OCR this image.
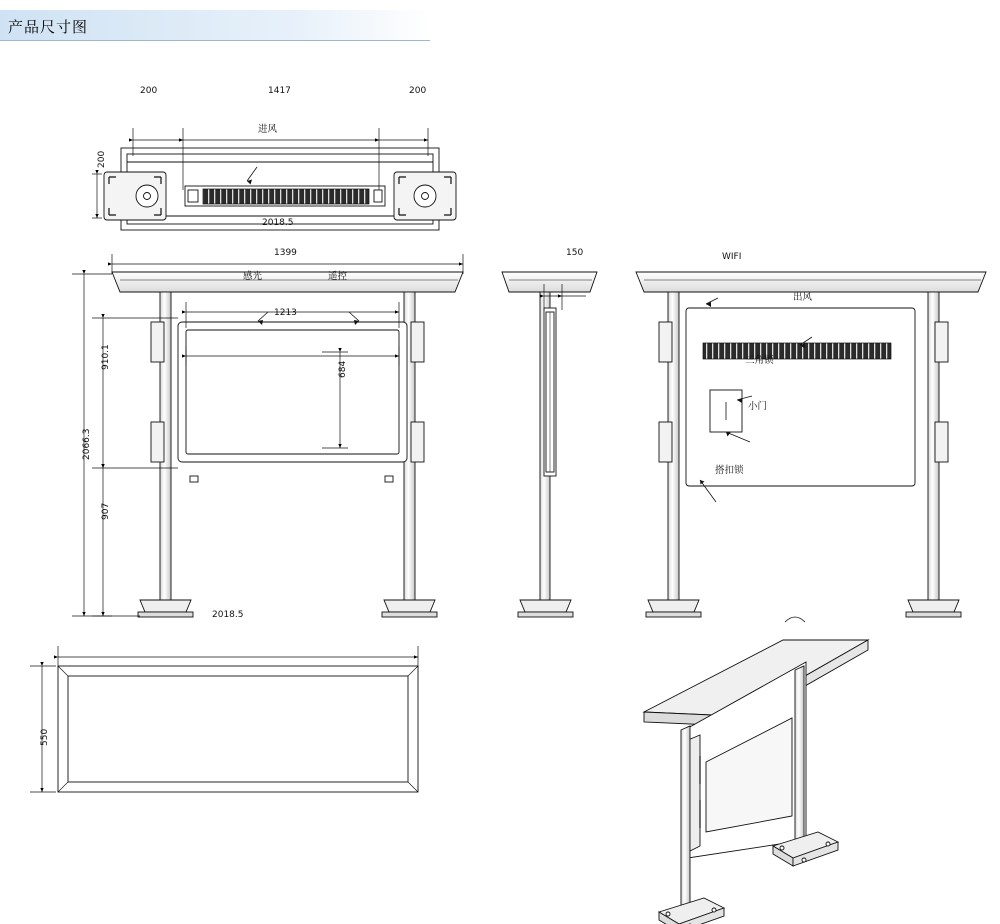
产品尺寸图
200	1417	200
200
进风
2018.5
1399
1213
684
910.1
907
2066.3
感光	遥控
150	WIFI
出风
三角锁
小门
搭扣锁
2018.5
550
